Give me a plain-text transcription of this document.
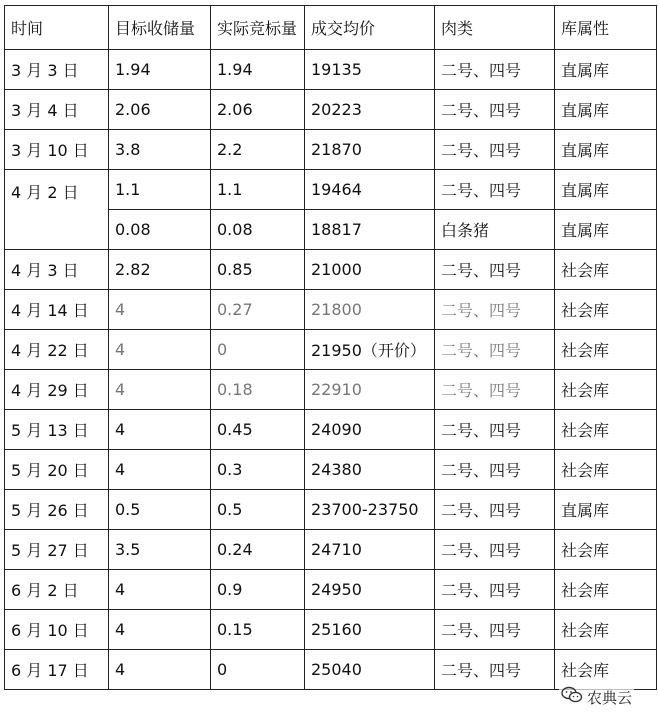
时间	目标收储量	实际竞标量	成交均价	肉类	库属性
3 月 3 日	1.94	1.94	19135	二号、四号	直属库
3 月 4 日	2.06	2.06	20223	二号、四号	直属库
3 月 10 日	3.8	2.2	21870	二号、四号	直属库
4 月 2 日	1.1	1.1	19464	二号、四号	直属库
	0.08	0.08	18817	白条猪	直属库
4 月 3 日	2.82	0.85	21000	二号、四号	社会库
4 月 14 日	4	0.27	21800	二号、四号	社会库
4 月 22 日	4	0	21950（开价）	二号、四号	社会库
4 月 29 日	4	0.18	22910	二号、四号	社会库
5 月 13 日	4	0.45	24090	二号、四号	社会库
5 月 20 日	4	0.3	24380	二号、四号	社会库
5 月 26 日	0.5	0.5	23700-23750	二号、四号	直属库
5 月 27 日	3.5	0.24	24710	二号、四号	社会库
6 月 2 日	4	0.9	24950	二号、四号	社会库
6 月 10 日	4	0.15	25160	二号、四号	社会库
6 月 17 日	4	0	25040	二号、四号	社会库
农典云
